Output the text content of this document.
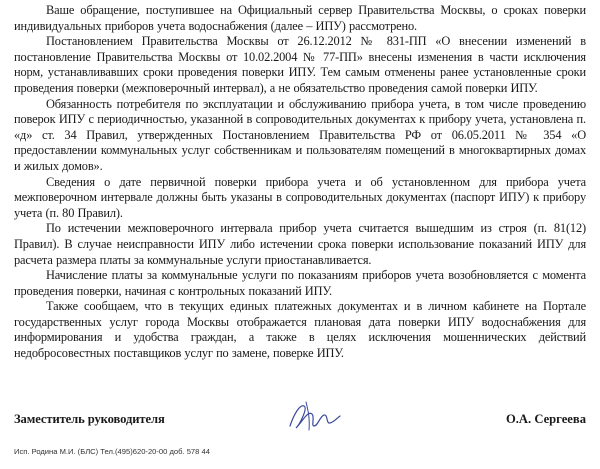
Ваше обращение, поступившее на Официальный сервер Правительства Москвы, о сроках поверки индивидуальных приборов учета водоснабжения (далее – ИПУ) рассмотрено.

Постановлением Правительства Москвы от 26.12.2012 № 831-ПП «О внесении изменений в постановление Правительства Москвы от 10.02.2004 № 77-ПП» внесены изменения в части исключения норм, устанавливавших сроки проведения поверки ИПУ. Тем самым отменены ранее установленные сроки проведения поверки (межповерочный интервал), а не обязательство проведения самой поверки ИПУ.

Обязанность потребителя по эксплуатации и обслуживанию прибора учета, в том числе проведению поверок ИПУ с периодичностью, указанной в сопроводительных документах к прибору учета, установлена п. «д» ст. 34 Правил, утвержденных Постановлением Правительства РФ от 06.05.2011 № 354 «О предоставлении коммунальных услуг собственникам и пользователям помещений в многоквартирных домах и жилых домов».

Сведения о дате первичной поверки прибора учета и об установленном для прибора учета межповерочном интервале должны быть указаны в сопроводительных документах (паспорт ИПУ) к прибору учета (п. 80 Правил).

По истечении межповерочного интервала прибор учета считается вышедшим из строя (п. 81(12) Правил). В случае неисправности ИПУ либо истечении срока поверки использование показаний ИПУ для расчета размера платы за коммунальные услуги приостанавливается.

Начисление платы за коммунальные услуги по показаниям приборов учета возобновляется с момента проведения поверки, начиная с контрольных показаний ИПУ.

Также сообщаем, что в текущих единых платежных документах и в личном кабинете на Портале государственных услуг города Москвы отображается плановая дата поверки ИПУ водоснабжения для информирования и удобства граждан, а также в целях исключения мошеннических действий недобросовестных поставщиков услуг по замене, поверке ИПУ.

Заместитель руководителя	О.А. Сергеева
Исп. Родина М.И. (БЛС) Тел.(495)620-20-00 доб. 578 44
